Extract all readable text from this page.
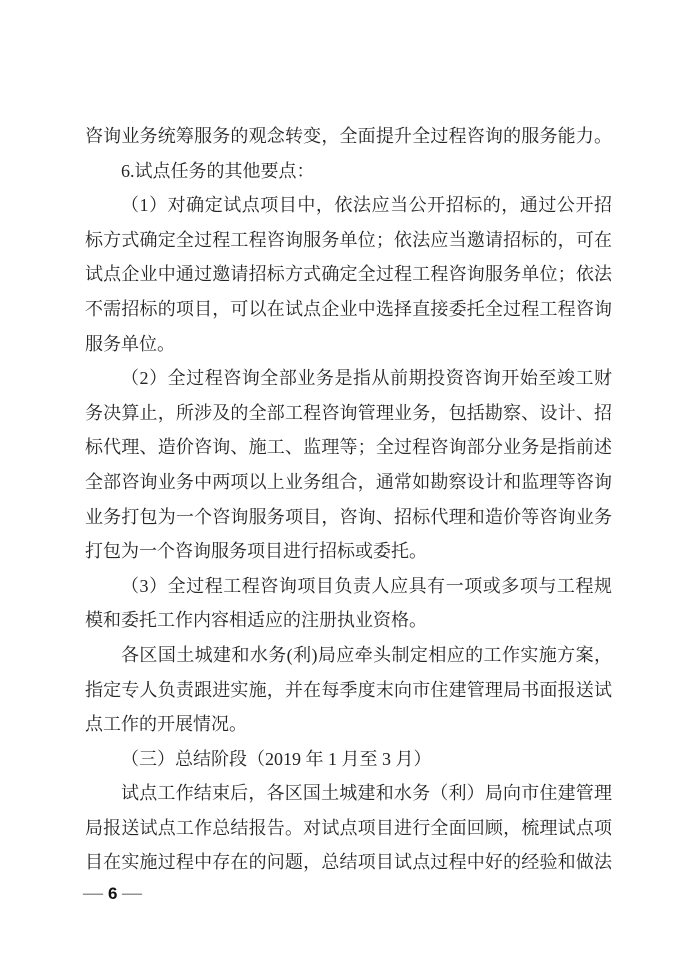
咨询业务统筹服务的观念转变，全面提升全过程咨询的服务能力。
6.试点任务的其他要点：
（1）对确定试点项目中，依法应当公开招标的，通过公开招
标方式确定全过程工程咨询服务单位；依法应当邀请招标的，可在
试点企业中通过邀请招标方式确定全过程工程咨询服务单位；依法
不需招标的项目，可以在试点企业中选择直接委托全过程工程咨询
服务单位。
（2）全过程咨询全部业务是指从前期投资咨询开始至竣工财
务决算止，所涉及的全部工程咨询管理业务，包括勘察、设计、招
标代理、造价咨询、施工、监理等；全过程咨询部分业务是指前述
全部咨询业务中两项以上业务组合，通常如勘察设计和监理等咨询
业务打包为一个咨询服务项目，咨询、招标代理和造价等咨询业务
打包为一个咨询服务项目进行招标或委托。
（3）全过程工程咨询项目负责人应具有一项或多项与工程规
模和委托工作内容相适应的注册执业资格。
各区国土城建和水务(利)局应牵头制定相应的工作实施方案，
指定专人负责跟进实施，并在每季度末向市住建管理局书面报送试
点工作的开展情况。
（三）总结阶段（2019 年 1 月至 3 月）
试点工作结束后，各区国土城建和水务（利）局向市住建管理
局报送试点工作总结报告。对试点项目进行全面回顾，梳理试点项
目在实施过程中存在的问题，总结项目试点过程中好的经验和做法
— 6 —
